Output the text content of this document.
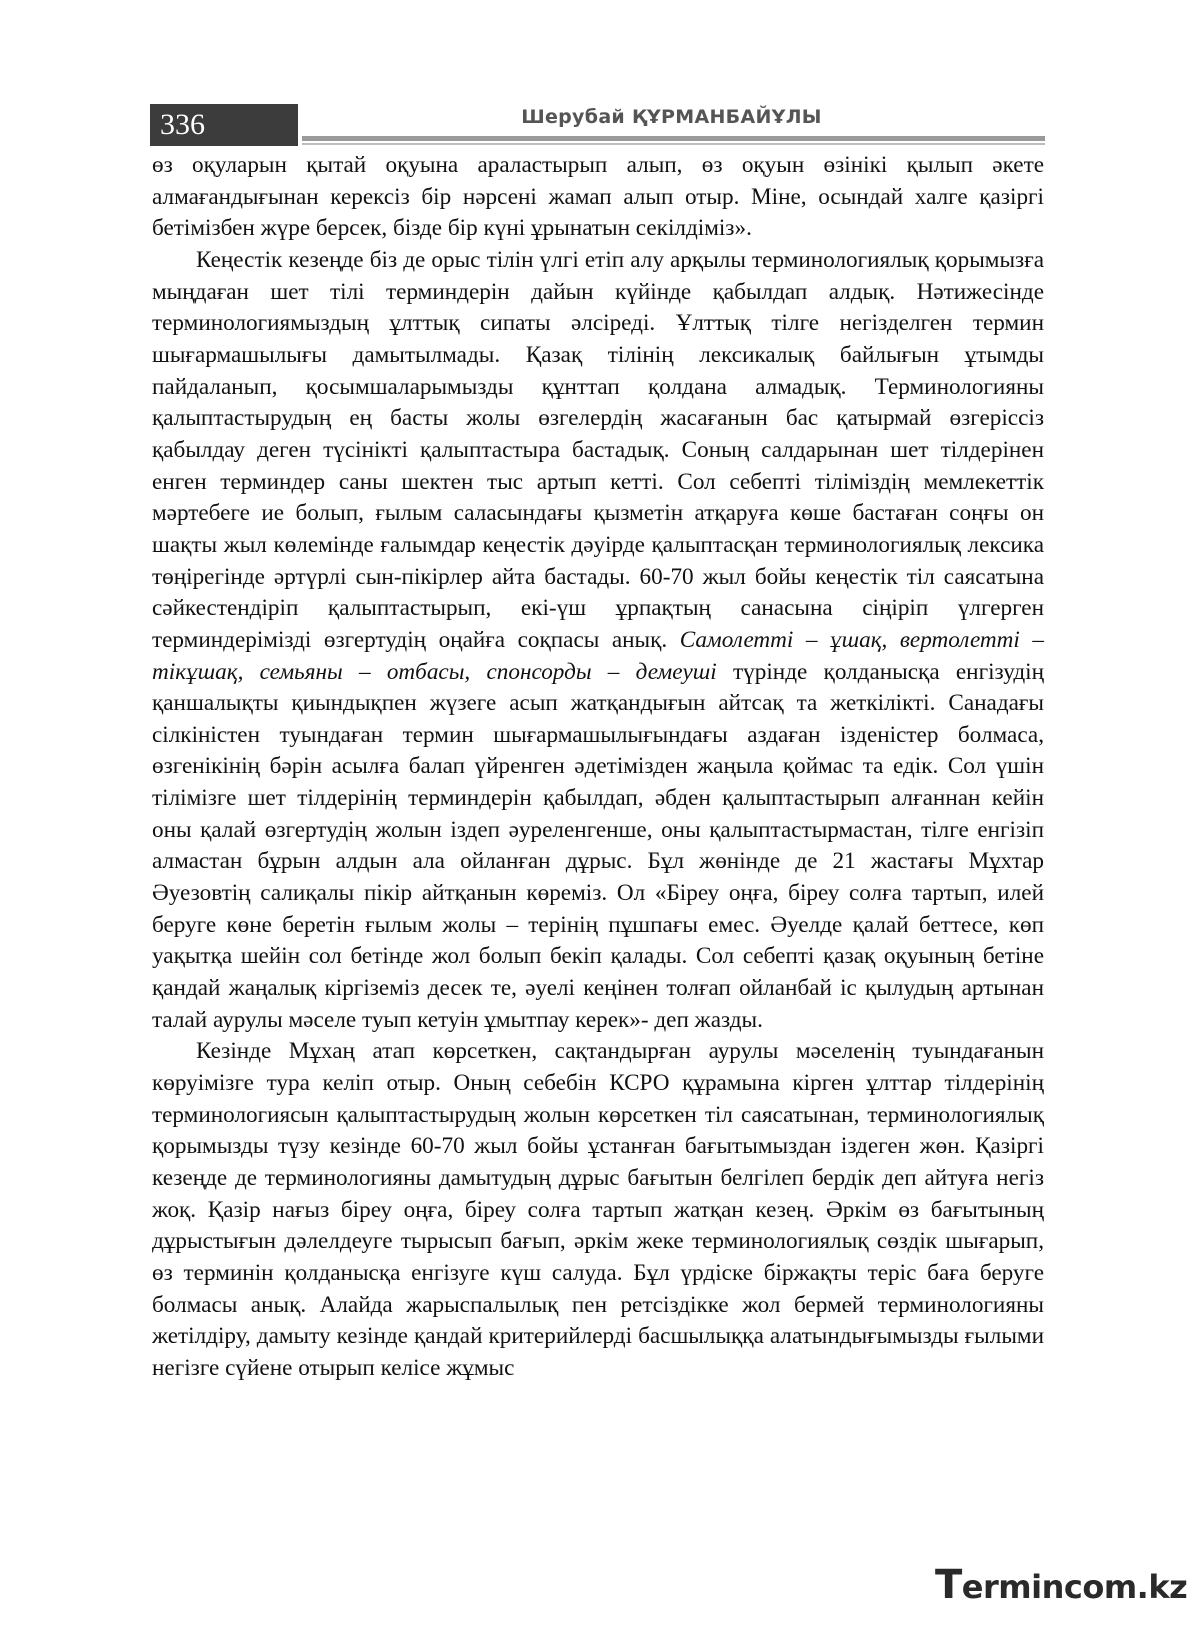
336	Шерубай ҚҰРМАНБАЙҰЛЫ

өз оқуларын қытай оқуына араластырып алып, өз оқуын өзінікі қылып әкете алмағандығынан керексіз бір нәрсені жамап алып отыр. Міне, осындай халге қазіргі бетімізбен жүре берсек, бізде бір күні ұрынатын секілдіміз».

Кеңестік кезеңде біз де орыс тілін үлгі етіп алу арқылы терминологиялық қорымызға мыңдаған шет тілі терминдерін дайын күйінде қабылдап алдық. Нәтижесінде терминологиямыздың ұлттық сипаты әлсіреді. Ұлттық тілге негізделген термин шығармашылығы дамытылмады. Қазақ тілінің лексикалық байлығын ұтымды пайдаланып, қосымшаларымызды құнттап қолдана алмадық. Терминологияны қалыптастырудың ең басты жолы өзгелердің жасағанын бас қатырмай өзгеріссіз қабылдау деген түсінікті қалыптастыра бастадық. Соның салдарынан шет тілдерінен енген терминдер саны шектен тыс артып кетті. Сол себепті тіліміздің мемлекеттік мәртебеге ие болып, ғылым саласындағы қызметін атқаруға көше бастаған соңғы он шақты жыл көлемінде ғалымдар кеңестік дәуірде қалыптасқан терминологиялық лексика төңірегінде әртүрлі сын-пікірлер айта бастады. 60-70 жыл бойы кеңестік тіл саясатына сәйкестендіріп қалыптастырып, екі-үш ұрпақтың санасына сіңіріп үлгерген терминдерімізді өзгертудің оңайға соқпасы анық. Самолетті – ұшақ, вертолетті – тікұшақ, семьяны – отбасы, спонсорды – демеуші түрінде қолданысқа енгізудің қаншалықты қиындықпен жүзеге асып жатқандығын айтсақ та жеткілікті. Санадағы сілкіністен туындаған термин шығармашылығындағы аздаған ізденістер болмаса, өзгенікінің бәрін асылға балап үйренген әдетімізден жаңыла қоймас та едік. Сол үшін тілімізге шет тілдерінің терминдерін қабылдап, әбден қалыптастырып алғаннан кейін оны қалай өзгертудің жолын іздеп әуреленгенше, оны қалыптастырмастан, тілге енгізіп алмастан бұрын алдын ала ойланған дұрыс. Бұл жөнінде де 21 жастағы Мұхтар Әуезовтің салиқалы пікір айтқанын көреміз. Ол «Біреу оңға, біреу солға тартып, илей беруге көне беретін ғылым жолы – терінің пұшпағы емес. Әуелде қалай беттесе, көп уақытқа шейін сол бетінде жол болып бекіп қалады. Сол себепті қазақ оқуының бетіне қандай жаңалық кіргіземіз десек те, әуелі кеңінен толғап ойланбай іс қылудың артынан талай аурулы мәселе туып кетуін ұмытпау керек»- деп жазды.

Кезінде Мұхаң атап көрсеткен, сақтандырған аурулы мәселенің туындағанын көруімізге тура келіп отыр. Оның себебін КСРО құрамына кірген ұлттар тілдерінің терминологиясын қалыптастырудың жолын көрсеткен тіл саясатынан, терминологиялық қорымызды түзу кезінде 60-70 жыл бойы ұстанған бағытымыздан іздеген жөн. Қазіргі кезеңде де терминологияны дамытудың дұрыс бағытын белгілеп бердік деп айтуға негіз жоқ. Қазір нағыз біреу оңға, біреу солға тартып жатқан кезең. Әркім өз бағытының дұрыстығын дәлелдеуге тырысып бағып, әркім жеке терминологиялық сөздік шығарып, өз терминін қолданысқа енгізуге күш салуда. Бұл үрдіске біржақты теріс баға беруге болмасы анық. Алайда жарыспалылық пен ретсіздікке жол бермей терминологияны жетілдіру, дамыту кезінде қандай критерийлерді басшылыққа алатындығымызды ғылыми негізге сүйене отырып келісе жұмыс

Termincom.kz
